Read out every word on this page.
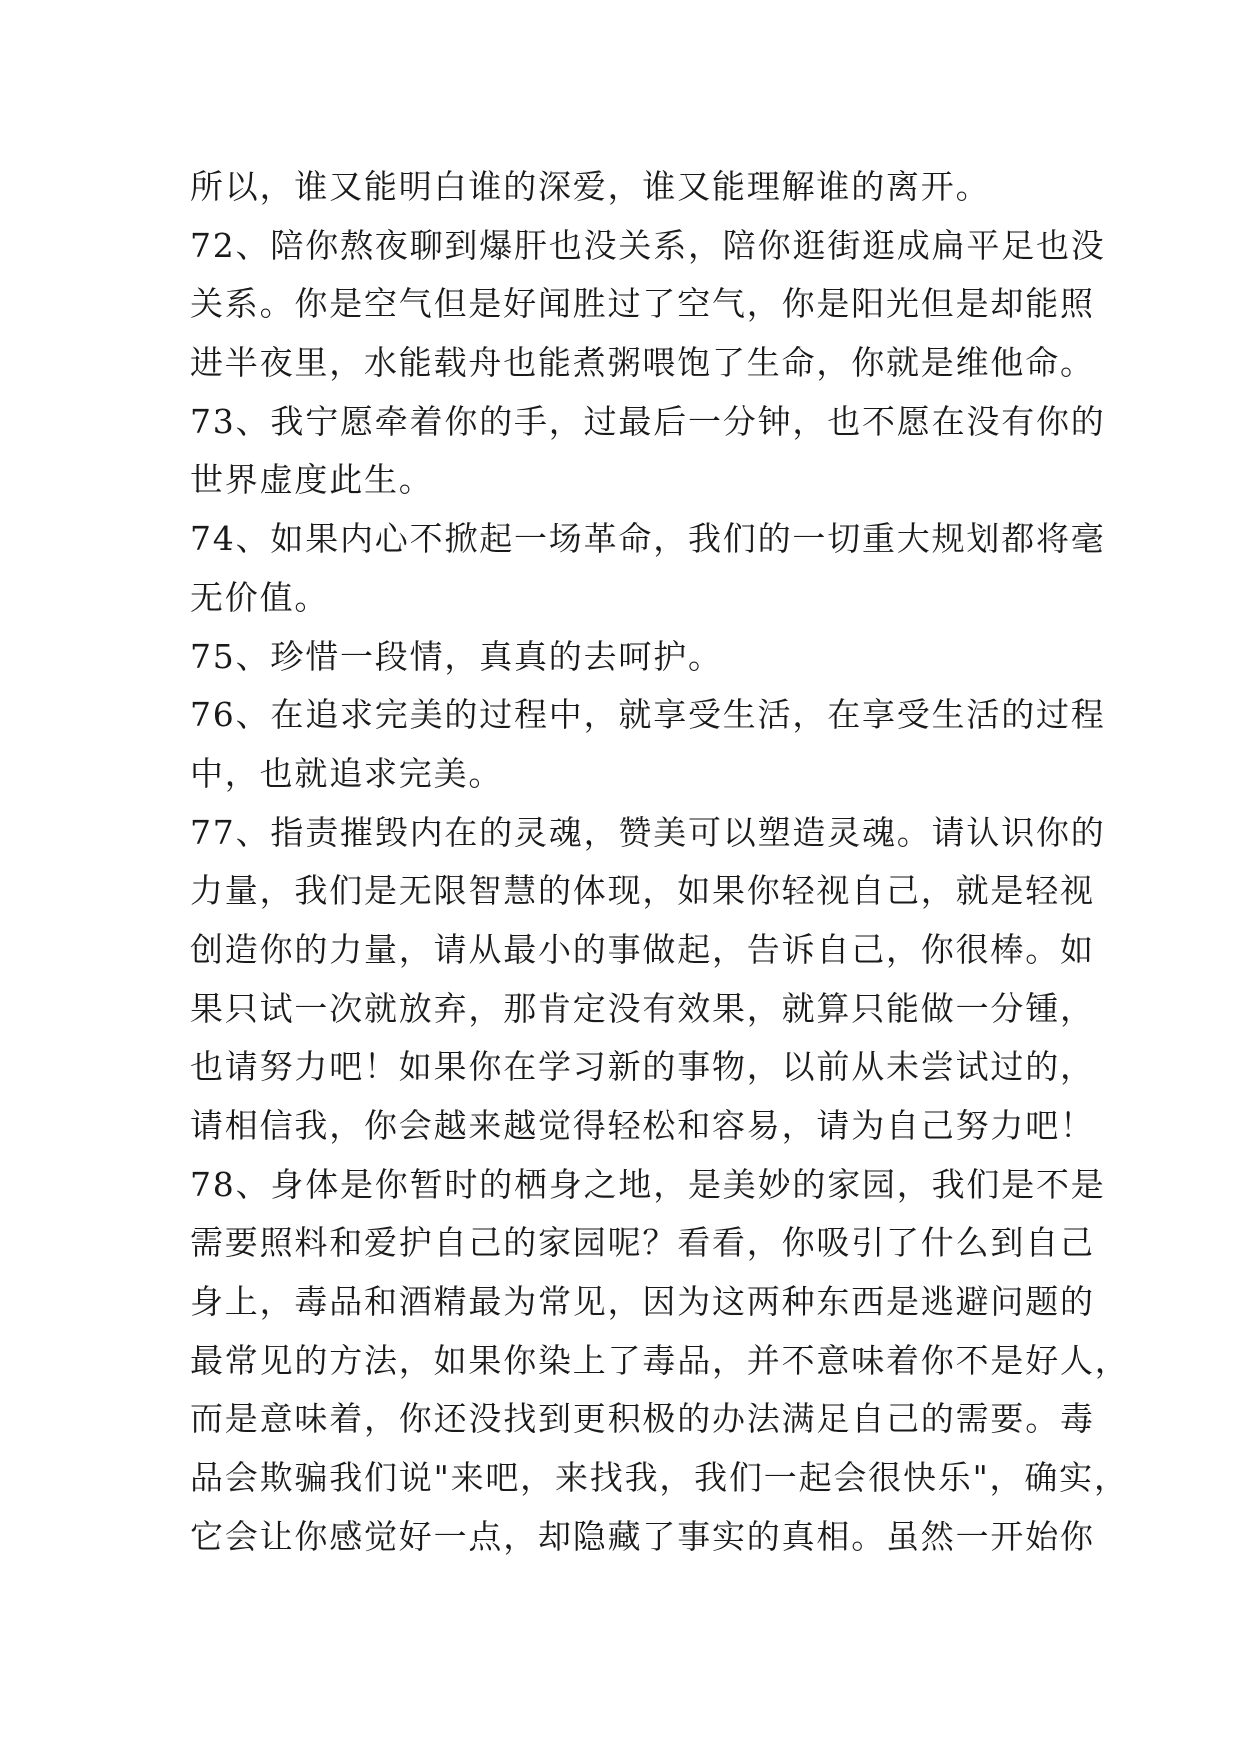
所以，谁又能明白谁的深爱，谁又能理解谁的离开。
72、陪你熬夜聊到爆肝也没关系，陪你逛街逛成扁平足也没
关系。你是空气但是好闻胜过了空气，你是阳光但是却能照
进半夜里，水能载舟也能煮粥喂饱了生命，你就是维他命。
73、我宁愿牵着你的手，过最后一分钟，也不愿在没有你的
世界虚度此生。
74、如果内心不掀起一场革命，我们的一切重大规划都将毫
无价值。
75、珍惜一段情，真真的去呵护。
76、在追求完美的过程中，就享受生活，在享受生活的过程
中，也就追求完美。
77、指责摧毁内在的灵魂，赞美可以塑造灵魂。请认识你的
力量，我们是无限智慧的体现，如果你轻视自己，就是轻视
创造你的力量，请从最小的事做起，告诉自己，你很棒。如
果只试一次就放弃，那肯定没有效果，就算只能做一分锺，
也请努力吧！如果你在学习新的事物，以前从未尝试过的，
请相信我，你会越来越觉得轻松和容易，请为自己努力吧！
78、身体是你暂时的栖身之地，是美妙的家园，我们是不是
需要照料和爱护自己的家园呢？看看，你吸引了什么到自己
身上，毒品和酒精最为常见，因为这两种东西是逃避问题的
最常见的方法，如果你染上了毒品，并不意味着你不是好人，
而是意味着，你还没找到更积极的办法满足自己的需要。毒
品会欺骗我们说"来吧，来找我，我们一起会很快乐"，确实，
它会让你感觉好一点，却隐藏了事实的真相。虽然一开始你
